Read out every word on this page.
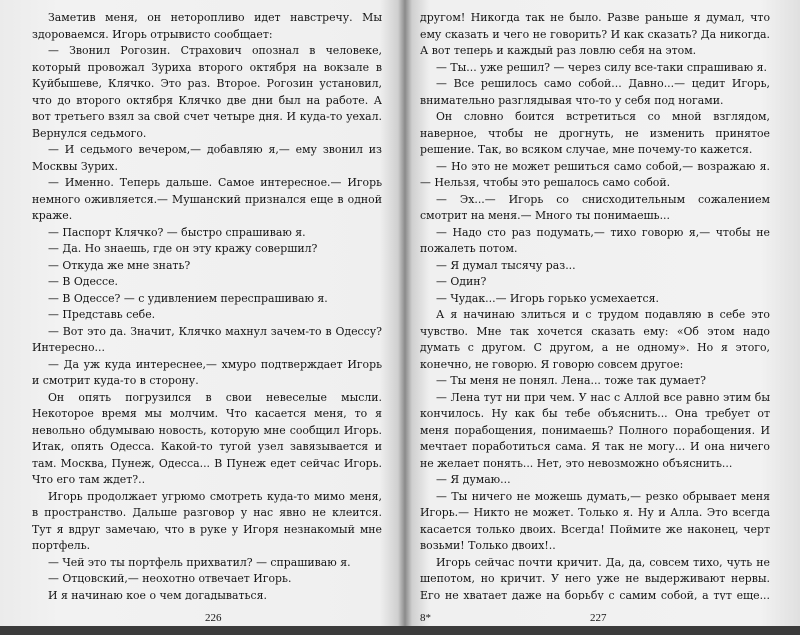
Заметив меня, он неторопливо идет навстречу. Мы здороваемся. Игорь отрывисто сообщает:

— Звонил Рогозин. Страхович опознал в человеке, который провожал Зуриха второго октября на вокзале в Куйбышеве, Клячко. Это раз. Второе. Рогозин установил, что до второго октября Клячко две дни был на работе. А вот третьего взял за свой счет четыре дня. И куда-то уехал. Вернулся седьмого.

— И седьмого вечером,— добавляю я,— ему звонил из Москвы Зурих.

— Именно. Теперь дальше. Самое интересное.— Игорь немного оживляется.— Мушанский признался еще в одной краже.

— Паспорт Клячко? — быстро спрашиваю я.

— Да. Но знаешь, где он эту кражу совершил?

— Откуда же мне знать?

— В Одессе.

— В Одессе? — с удивлением переспрашиваю я.

— Представь себе.

— Вот это да. Значит, Клячко махнул зачем-то в Одессу? Интересно...

— Да уж куда интереснее,— хмуро подтверждает Игорь и смотрит куда-то в сторону.

Он опять погрузился в свои невеселые мысли. Некоторое время мы молчим. Что касается меня, то я невольно обдумываю новость, которую мне сообщил Игорь. Итак, опять Одесса. Какой-то тугой узел завязывается и там. Москва, Пунеж, Одесса... В Пунеж едет сейчас Игорь. Что его там ждет?..

Игорь продолжает угрюмо смотреть куда-то мимо меня, в пространство. Дальше разговор у нас явно не клеится. Тут я вдруг замечаю, что в руке у Игоря незнакомый мне портфель.

— Чей это ты портфель прихватил? — спрашиваю я.

— Отцовский,— неохотно отвечает Игорь.

И я начинаю кое о чем догадываться.

другом! Никогда так не было. Разве раньше я думал, что ему сказать и чего не говорить? И как сказать? Да никогда. А вот теперь и каждый раз ловлю себя на этом.

— Ты... уже решил? — через силу все-таки спрашиваю я.

— Все решилось само собой... Давно...— цедит Игорь, внимательно разглядывая что-то у себя под ногами.

Он словно боится встретиться со мной взглядом, наверное, чтобы не дрогнуть, не изменить принятое решение. Так, во всяком случае, мне почему-то кажется.

— Но это не может решиться само собой,— возражаю я.— Нельзя, чтобы это решалось само собой.

— Эх...— Игорь со снисходительным сожалением смотрит на меня.— Много ты понимаешь...

— Надо сто раз подумать,— тихо говорю я,— чтобы не пожалеть потом.

— Я думал тысячу раз...

— Один?

— Чудак...— Игорь горько усмехается.

А я начинаю злиться и с трудом подавляю в себе это чувство. Мне так хочется сказать ему: «Об этом надо думать с другом. С другом, а не одному». Но я этого, конечно, не говорю. Я говорю совсем другое:

— Ты меня не понял. Лена... тоже так думает?

— Лена тут ни при чем. У нас с Аллой все равно этим бы кончилось. Ну как бы тебе объяснить... Она требует от меня порабощения, понимаешь? Полного порабощения. И мечтает поработиться сама. Я так не могу... И она ничего не желает понять... Нет, это невозможно объяснить...

— Я думаю...

— Ты ничего не можешь думать,— резко обрывает меня Игорь.— Никто не может. Только я. Ну и Алла. Это всегда касается только двоих. Всегда! Поймите же наконец, черт возьми! Только двоих!..

Игорь сейчас почти кричит. Да, да, совсем тихо, чуть не шепотом, но кричит. У него уже не выдерживают нервы. Его не хватает даже на борьбу с самим собой, а тут еще...

226	8*	227
